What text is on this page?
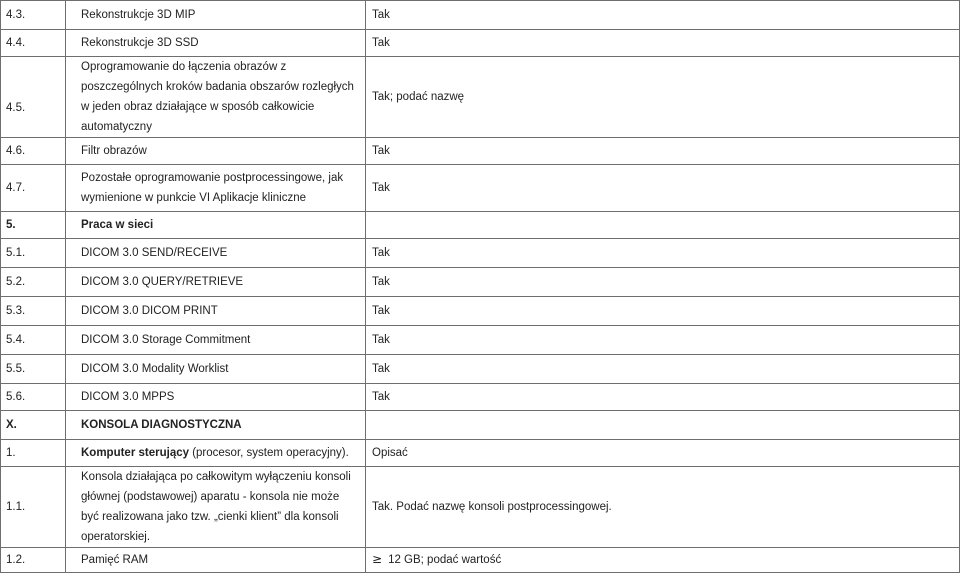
4.3.	Rekonstrukcje 3D MIP	Tak
4.4.	Rekonstrukcje 3D SSD	Tak
4.5.	Oprogramowanie do łączenia obrazów z poszczególnych kroków badania obszarów rozległych w jeden obraz działające w sposób całkowicie automatyczny	Tak; podać nazwę
4.6.	Filtr obrazów	Tak
4.7.	Pozostałe oprogramowanie postprocessingowe, jak wymienione w punkcie VI Aplikacje kliniczne	Tak
5.	Praca w sieci	
5.1.	DICOM 3.0 SEND/RECEIVE	Tak
5.2.	DICOM 3.0 QUERY/RETRIEVE	Tak
5.3.	DICOM 3.0 DICOM PRINT	Tak
5.4.	DICOM 3.0 Storage Commitment	Tak
5.5.	DICOM 3.0 Modality Worklist	Tak
5.6.	DICOM 3.0 MPPS	Tak
X.	KONSOLA DIAGNOSTYCZNA	
1.	Komputer sterujący (procesor, system operacyjny).	Opisać
1.1.	Konsola działająca po całkowitym wyłączeniu konsoli głównej (podstawowej) aparatu - konsola nie może być realizowana jako tzw. „cienki klient” dla konsoli operatorskiej.	Tak. Podać nazwę konsoli postprocessingowej.
1.2.	Pamięć RAM	≥ 12 GB; podać wartość
